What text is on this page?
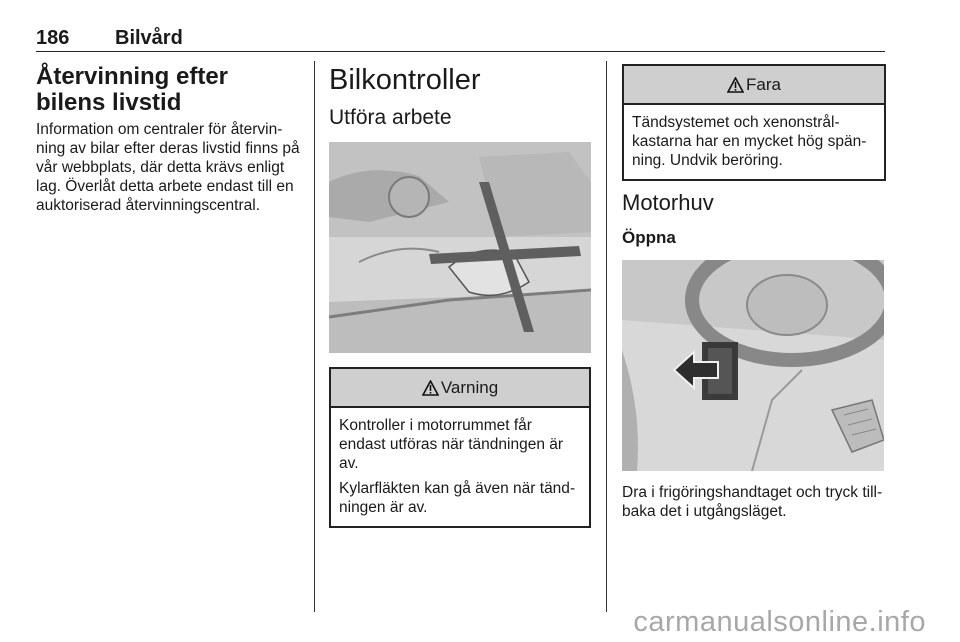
186 Bilvård
Återvinning efter bilens livstid

Information om centraler för återvinning av bilar efter deras livstid finns på vår webbplats, där detta krävs enligt lag. Överlåt detta arbete endast till en auktoriserad återvinningscentral.

Bilkontroller
Utföra arbete
Varning

Kontroller i motorrummet får endast utföras när tändningen är av.

Kylarfläkten kan gå även när tändningen är av.

Fara

Tändsystemet och xenonstrålkastarna har en mycket hög spänning. Undvik beröring.

Motorhuv
Öppna

Dra i frigöringshandtaget och tryck tillbaka det i utgångsläget.

carmanualsonline.info
